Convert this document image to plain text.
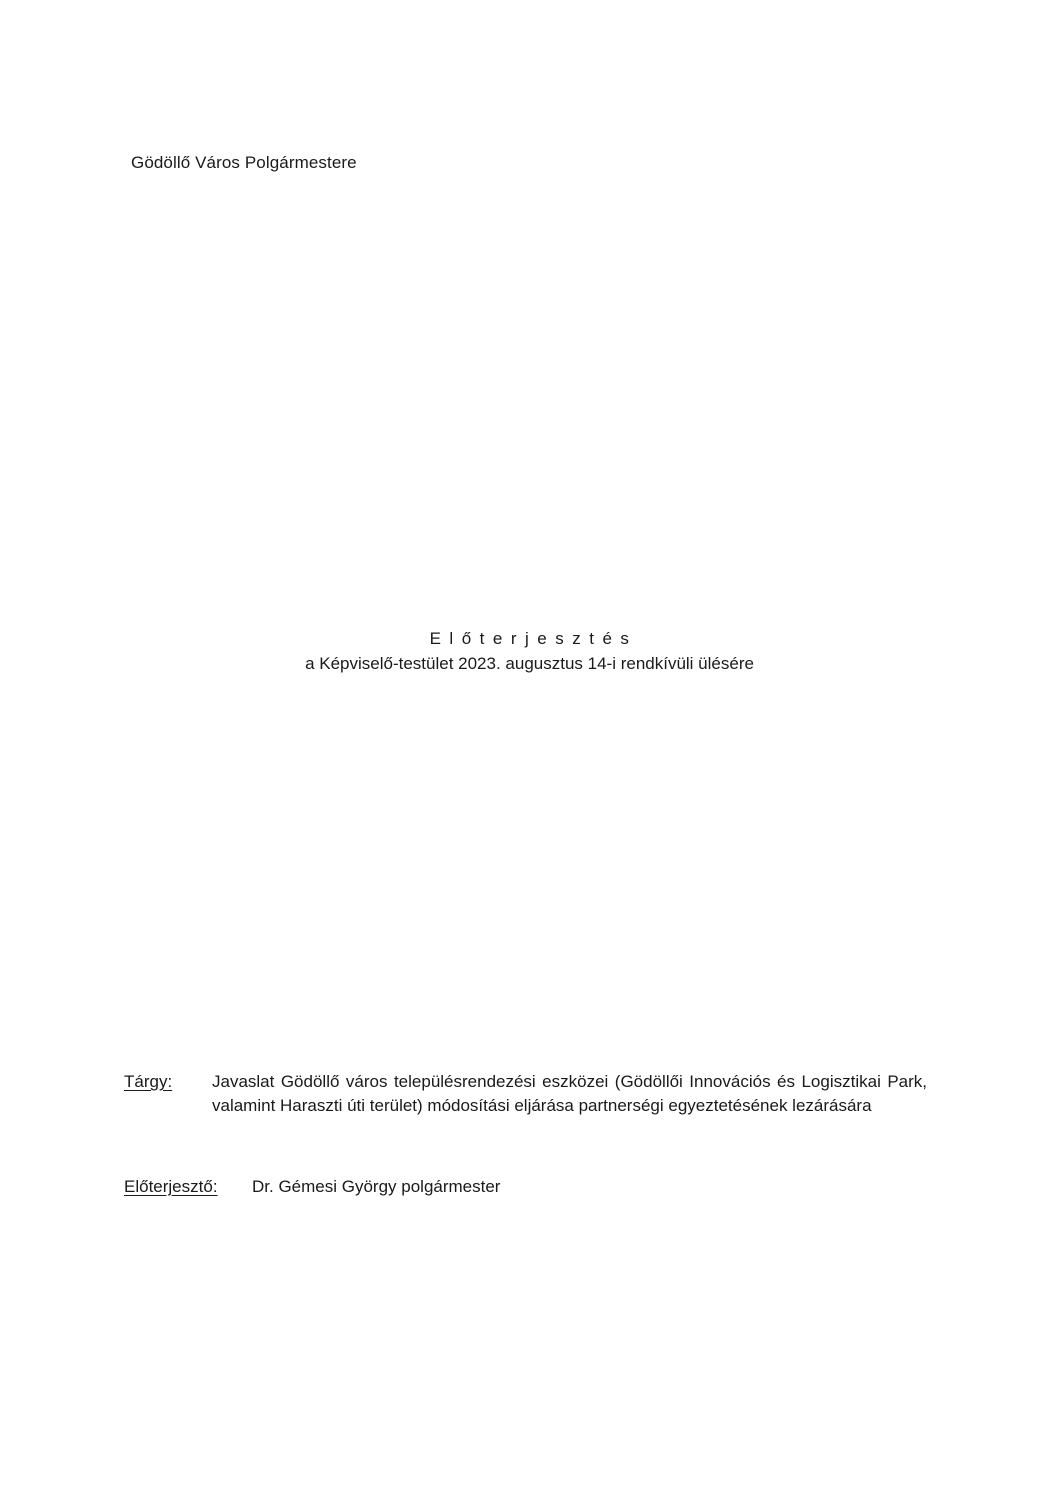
Gödöllő Város Polgármestere
Előterjesztés
a Képviselő-testület 2023. augusztus 14-i rendkívüli ülésére
Tárgy: Javaslat Gödöllő város településrendezési eszközei (Gödöllői Innovációs és Logisztikai Park, valamint Haraszti úti terület) módosítási eljárása partnerségi egyeztetésének lezárására
Előterjesztő: Dr. Gémesi György polgármester
